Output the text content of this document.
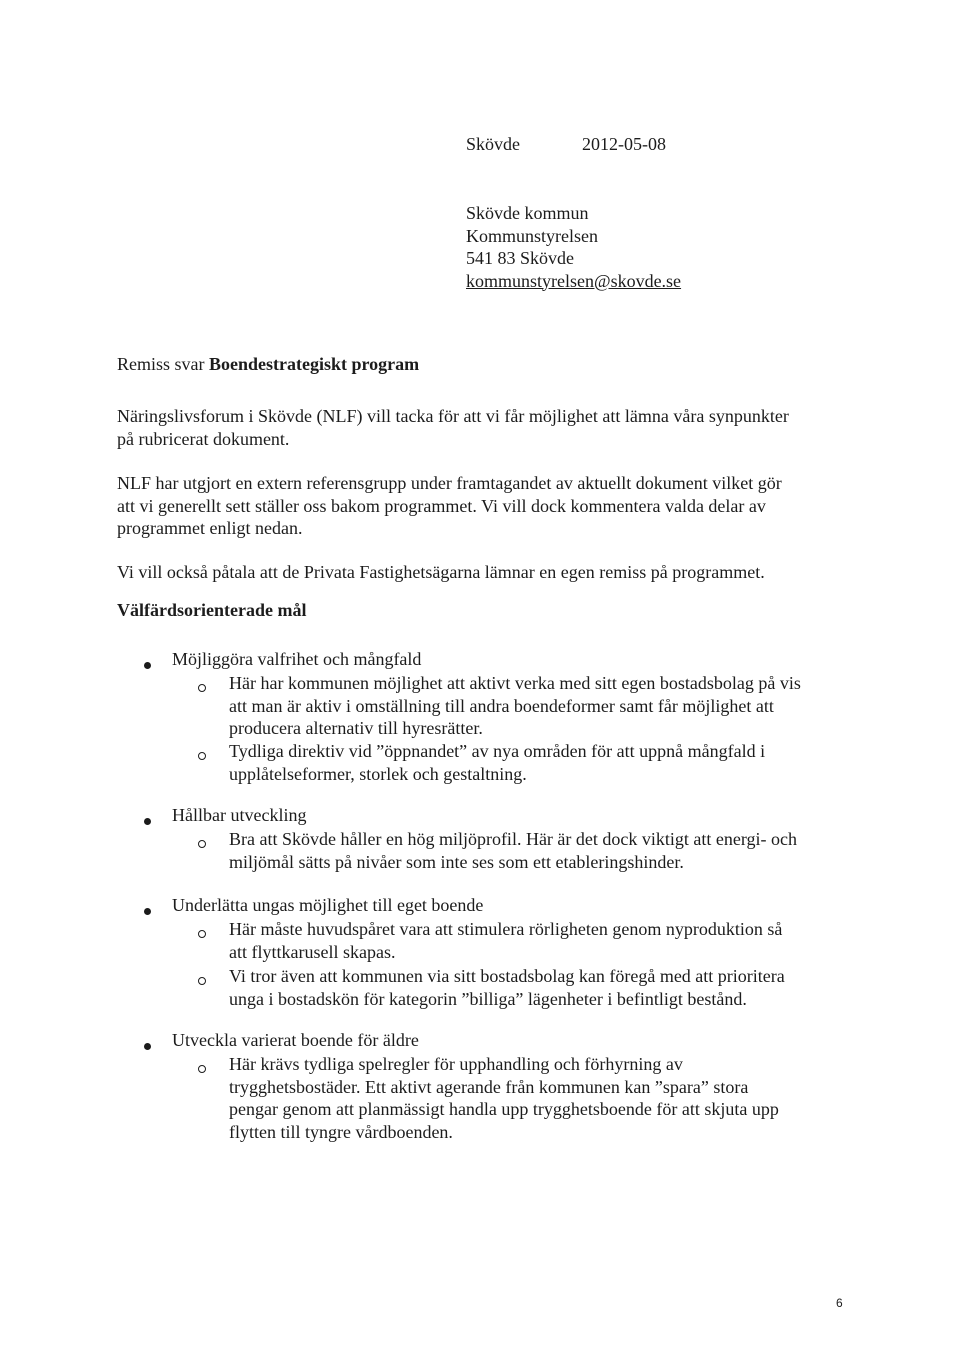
Skövde	2012-05-08
Skövde kommun
Kommunstyrelsen
541 83 Skövde
kommunstyrelsen@skovde.se
Remiss svar Boendestrategiskt program
Näringslivsforum i Skövde (NLF) vill tacka för att vi får möjlighet att lämna våra synpunkter
på rubricerat dokument.
NLF har utgjort en extern referensgrupp under framtagandet av aktuellt dokument vilket gör
att vi generellt sett ställer oss bakom programmet. Vi vill dock kommentera valda delar av
programmet enligt nedan.
Vi vill också påtala att de Privata Fastighetsägarna lämnar en egen remiss på programmet.
Välfärdsorienterade mål
Möjliggöra valfrihet och mångfald
Här har kommunen möjlighet att aktivt verka med sitt egen bostadsbolag på vis
att man är aktiv i omställning till andra boendeformer samt får möjlighet att
producera alternativ till hyresrätter.
Tydliga direktiv vid ”öppnandet” av nya områden för att uppnå mångfald i
upplåtelseformer, storlek och gestaltning.
Hållbar utveckling
Bra att Skövde håller en hög miljöprofil. Här är det dock viktigt att energi- och
miljömål sätts på nivåer som inte ses som ett etableringshinder.
Underlätta ungas möjlighet till eget boende
Här måste huvudspåret vara att stimulera rörligheten genom nyproduktion så
att flyttkarusell skapas.
Vi tror även att kommunen via sitt bostadsbolag kan föregå med att prioritera
unga i bostadskön för kategorin ”billiga” lägenheter i befintligt bestånd.
Utveckla varierat boende för äldre
Här krävs tydliga spelregler för upphandling och förhyrning av
trygghetsbostäder. Ett aktivt agerande från kommunen kan ”spara” stora
pengar genom att planmässigt handla upp trygghetsboende för att skjuta upp
flytten till tyngre vårdboenden.
6
